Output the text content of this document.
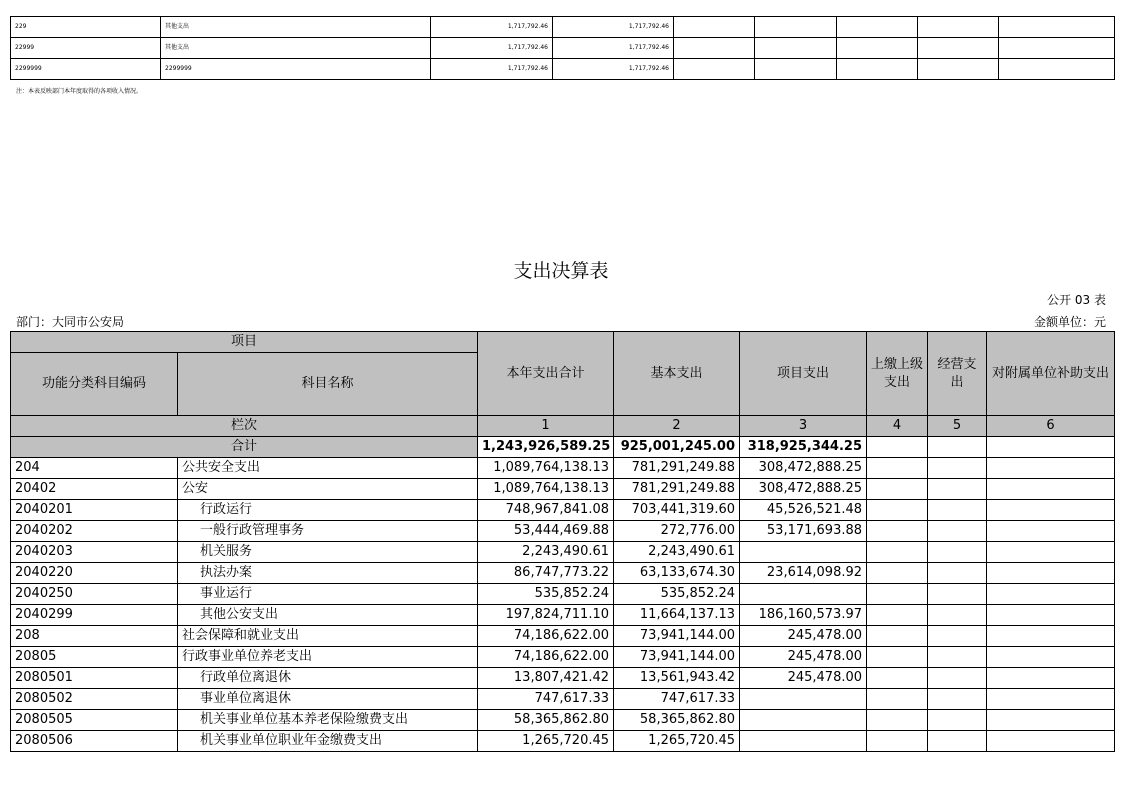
229	其他支出	1,717,792.46	1,717,792.46					
22999	其他支出	1,717,792.46	1,717,792.46					
2299999	2299999	1,717,792.46	1,717,792.46					
注：本表反映部门本年度取得的各项收入情况。
支出决算表
公开 03 表
部门：大同市公安局	金额单位：元
项目		本年支出合计	基本支出	项目支出	上缴上级支出	经营支出	对附属单位补助支出
功能分类科目编码	科目名称						
栏次		1	2	3	4	5	6
合计		1,243,926,589.25	925,001,245.00	318,925,344.25			
204	公共安全支出	1,089,764,138.13	781,291,249.88	308,472,888.25			
20402	公安	1,089,764,138.13	781,291,249.88	308,472,888.25			
2040201	行政运行	748,967,841.08	703,441,319.60	45,526,521.48			
2040202	一般行政管理事务	53,444,469.88	272,776.00	53,171,693.88			
2040203	机关服务	2,243,490.61	2,243,490.61				
2040220	执法办案	86,747,773.22	63,133,674.30	23,614,098.92			
2040250	事业运行	535,852.24	535,852.24				
2040299	其他公安支出	197,824,711.10	11,664,137.13	186,160,573.97			
208	社会保障和就业支出	74,186,622.00	73,941,144.00	245,478.00			
20805	行政事业单位养老支出	74,186,622.00	73,941,144.00	245,478.00			
2080501	行政单位离退休	13,807,421.42	13,561,943.42	245,478.00			
2080502	事业单位离退休	747,617.33	747,617.33				
2080505	机关事业单位基本养老保险缴费支出	58,365,862.80	58,365,862.80				
2080506	机关事业单位职业年金缴费支出	1,265,720.45	1,265,720.45				
